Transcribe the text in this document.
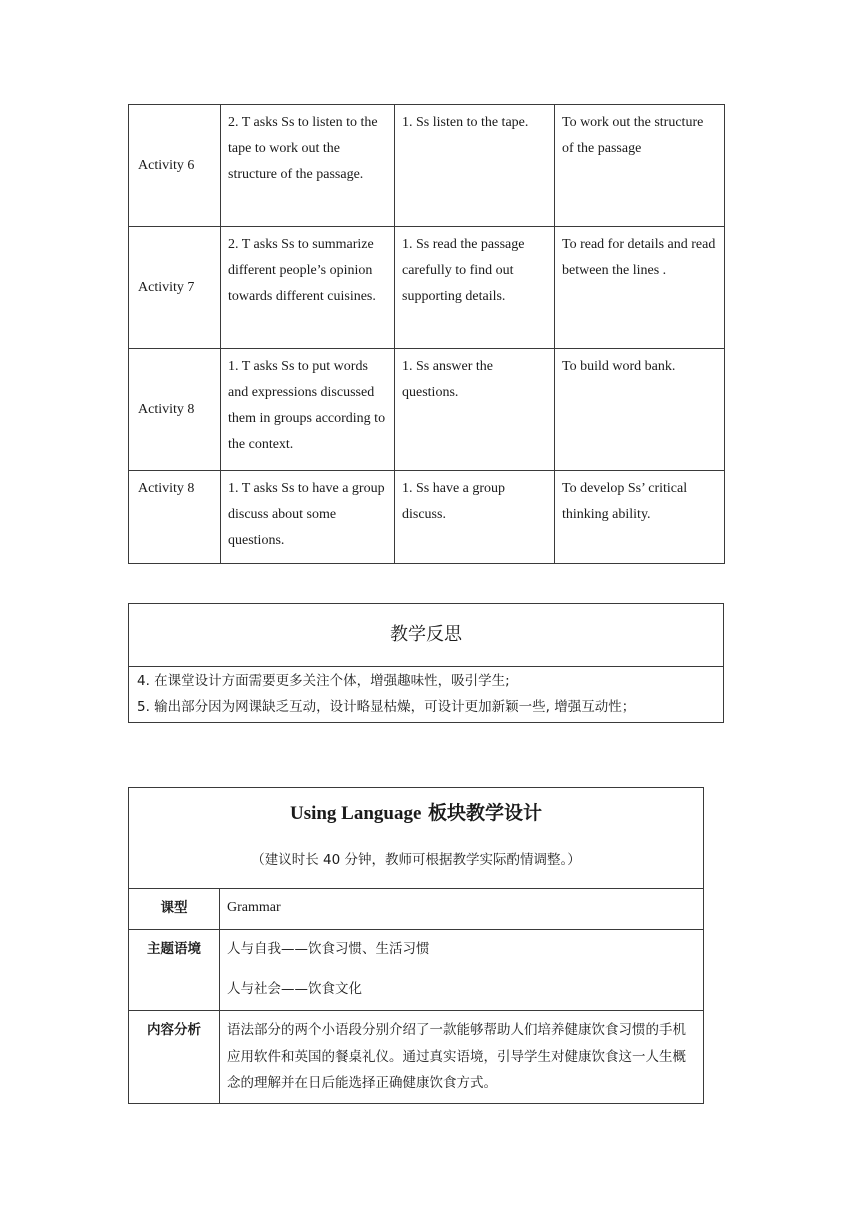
Activity 6	2. T asks Ss to listen to the tape to work out the structure of the passage.	1. Ss listen to the tape.	To work out the structure of the passage
Activity 7	2. T asks Ss to summarize different people’s opinion towards different cuisines.	1. Ss read the passage carefully to find out supporting details.	To read for details and read between the lines .
Activity 8	1. T asks Ss to put words and expressions discussed them in groups according to the context.	1. Ss answer the questions.	To build word bank.
Activity 8	1. T asks Ss to have a group discuss about some questions.	1. Ss have a group discuss.	To develop Ss’ critical thinking ability.
教学反思

4. 在课堂设计方面需要更多关注个体，增强趣味性，吸引学生;

5. 输出部分因为网课缺乏互动，设计略显枯燥，可设计更加新颖一些, 增强互动性；

Using Language 板块教学设计
（建议时长 40 分钟，教师可根据教学实际酌情调整。）	

课型	Grammar
主题语境	人与自我——饮食习惯、生活习惯
人与社会——饮食文化

内容分析	语法部分的两个小语段分别介绍了一款能够帮助人们培养健康饮食习惯的手机应用软件和英国的餐桌礼仪。通过真实语境，引导学生对健康饮食这一人生概念的理解并在日后能选择正确健康饮食方式。
